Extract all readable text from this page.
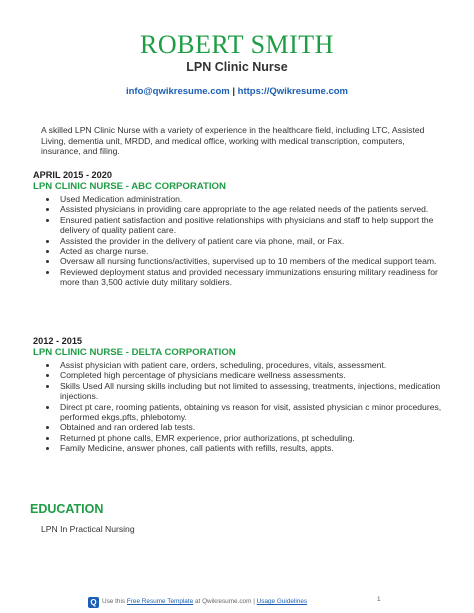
ROBERT SMITH
LPN Clinic Nurse
info@qwikresume.com | https://Qwikresume.com
A skilled LPN Clinic Nurse with a variety of experience in the healthcare field, including LTC, Assisted Living, dementia unit, MRDD, and medical office, working with medical transcription, computers, insurance, and filing.
APRIL 2015 - 2020
LPN CLINIC NURSE - ABC CORPORATION
• Used Medication administration.
• Assisted physicians in providing care appropriate to the age related needs of the patients served.
• Ensured patient satisfaction and positive relationships with physicians and staff to help support the delivery of quality patient care.
• Assisted the provider in the delivery of patient care via phone, mail, or Fax.
• Acted as charge nurse.
• Oversaw all nursing functions/activities, supervised up to 10 members of the medical support team.
• Reviewed deployment status and provided necessary immunizations ensuring military readiness for more than 3,500 activie duty military soldiers.
2012 - 2015
LPN CLINIC NURSE - DELTA CORPORATION
• Assist physician with patient care, orders, scheduling, procedures, vitals, assessment.
• Completed high percentage of physicians medicare wellness assessments.
• Skills Used All nursing skills including but not limited to assessing, treatments, injections, medication injections.
• Direct pt care, rooming patients, obtaining vs reason for visit, assisted physician c minor procedures, performed ekgs,pfts, phlebotomy.
• Obtained and ran ordered lab tests.
• Returned pt phone calls, EMR experience, prior authorizations, pt scheduling.
• Family Medicine, answer phones, call patients with refills, results, appts.
EDUCATION
LPN In Practical Nursing
Q Use this Free Resume Template at Qwikresume.com | Usage Guidelines	1
